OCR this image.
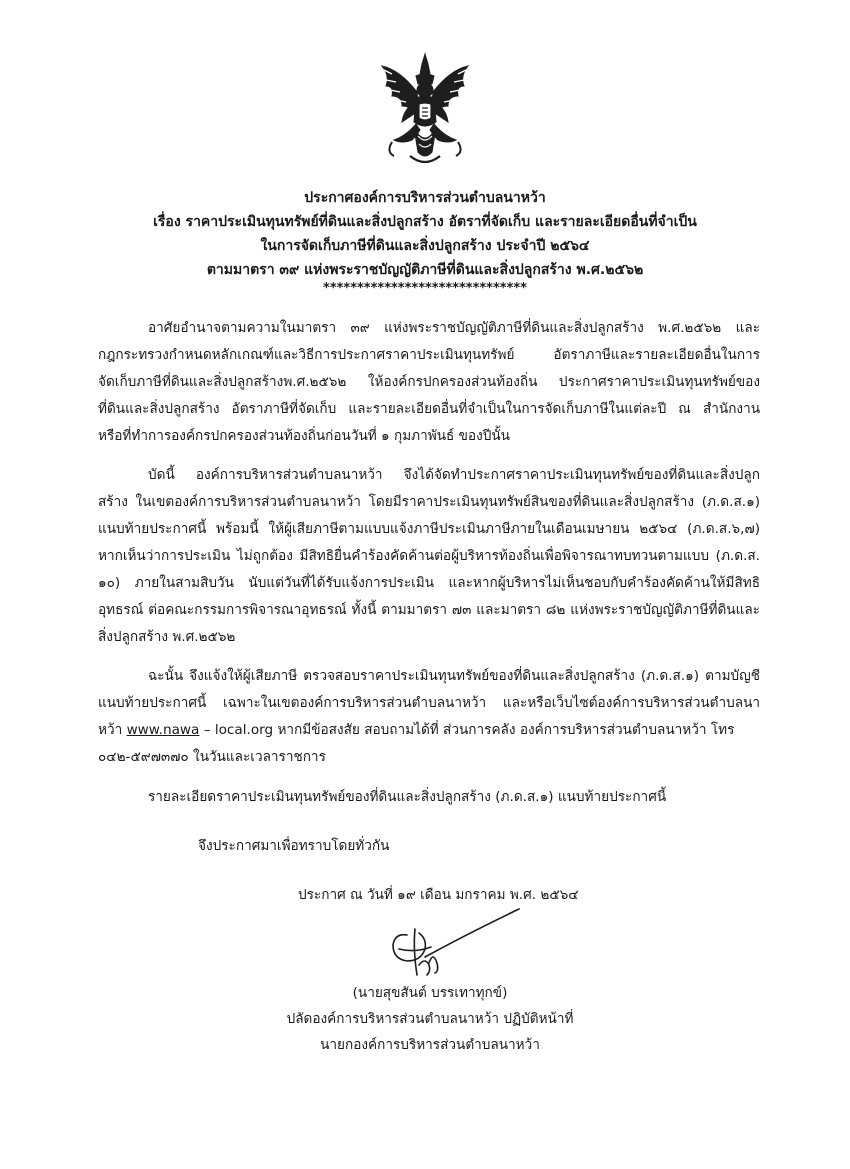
ประกาศองค์การบริหารส่วนตำบลนาหว้า
เรื่อง ราคาประเมินทุนทรัพย์ที่ดินและสิ่งปลูกสร้าง อัตราที่จัดเก็บ และรายละเอียดอื่นที่จำเป็น
ในการจัดเก็บภาษีที่ดินและสิ่งปลูกสร้าง ประจำปี ๒๕๖๔
ตามมาตรา ๓๙ แห่งพระราชบัญญัติภาษีที่ดินและสิ่งปลูกสร้าง พ.ศ.๒๕๖๒
******************************
อาศัยอำนาจตามความในมาตรา ๓๙ แห่งพระราชบัญญัติภาษีที่ดินและสิ่งปลูกสร้าง พ.ศ.๒๕๖๒ และ
กฎกระทรวงกำหนดหลักเกณฑ์และวิธีการประกาศราคาประเมินทุนทรัพย์ อัตราภาษีและรายละเอียดอื่นในการ
จัดเก็บภาษีที่ดินและสิ่งปลูกสร้างพ.ศ.๒๕๖๒ ให้องค์กรปกครองส่วนท้องถิ่น ประกาศราคาประเมินทุนทรัพย์ของ
ที่ดินและสิ่งปลูกสร้าง อัตราภาษีที่จัดเก็บ และรายละเอียดอื่นที่จำเป็นในการจัดเก็บภาษีในแต่ละปี ณ สำนักงาน
หรือที่ทำการองค์กรปกครองส่วนท้องถิ่นก่อนวันที่ ๑ กุมภาพันธ์ ของปีนั้น
บัดนี้ องค์การบริหารส่วนตำบลนาหว้า จึงได้จัดทำประกาศราคาประเมินทุนทรัพย์ของที่ดินและสิ่งปลูก
สร้าง ในเขตองค์การบริหารส่วนตำบลนาหว้า โดยมีราคาประเมินทุนทรัพย์สินของที่ดินและสิ่งปลูกสร้าง (ภ.ด.ส.๑)
แนบท้ายประกาศนี้ พร้อมนี้ ให้ผู้เสียภาษีตามแบบแจ้งภาษีประเมินภาษีภายในเดือนเมษายน ๒๕๖๔ (ภ.ด.ส.๖,๗)
หากเห็นว่าการประเมิน ไม่ถูกต้อง มีสิทธิยื่นคำร้องคัดค้านต่อผู้บริหารท้องถิ่นเพื่อพิจารณาทบทวนตามแบบ (ภ.ด.ส.
๑๐) ภายในสามสิบวัน นับแต่วันที่ได้รับแจ้งการประเมิน และหากผู้บริหารไม่เห็นชอบกับคำร้องคัดค้านให้มีสิทธิ
อุทธรณ์ ต่อคณะกรรมการพิจารณาอุทธรณ์ ทั้งนี้ ตามมาตรา ๗๓ และมาตรา ๘๒ แห่งพระราชบัญญัติภาษีที่ดินและ
สิ่งปลูกสร้าง พ.ศ.๒๕๖๒
ฉะนั้น จึงแจ้งให้ผู้เสียภาษี ตรวจสอบราคาประเมินทุนทรัพย์ของที่ดินและสิ่งปลูกสร้าง (ภ.ด.ส.๑) ตามบัญชี
แนบท้ายประกาศนี้ เฉพาะในเขตองค์การบริหารส่วนตำบลนาหว้า และหรือเว็บไซต์องค์การบริหารส่วนตำบลนา
หว้า www.nawa – local.org หากมีข้อสงสัย สอบถามได้ที่ ส่วนการคลัง องค์การบริหารส่วนตำบลนาหว้า โทร
๐๔๒-๕๙๗๓๗๐ ในวันและเวลาราชการ
รายละเอียดราคาประเมินทุนทรัพย์ของที่ดินและสิ่งปลูกสร้าง (ภ.ด.ส.๑) แนบท้ายประกาศนี้
จึงประกาศมาเพื่อทราบโดยทั่วกัน
ประกาศ ณ วันที่ ๑๙ เดือน มกราคม พ.ศ. ๒๕๖๔
(นายสุขสันต์ บรรเทาทุกข์)
ปลัดองค์การบริหารส่วนตำบลนาหว้า ปฏิบัติหน้าที่
นายกองค์การบริหารส่วนตำบลนาหว้า
